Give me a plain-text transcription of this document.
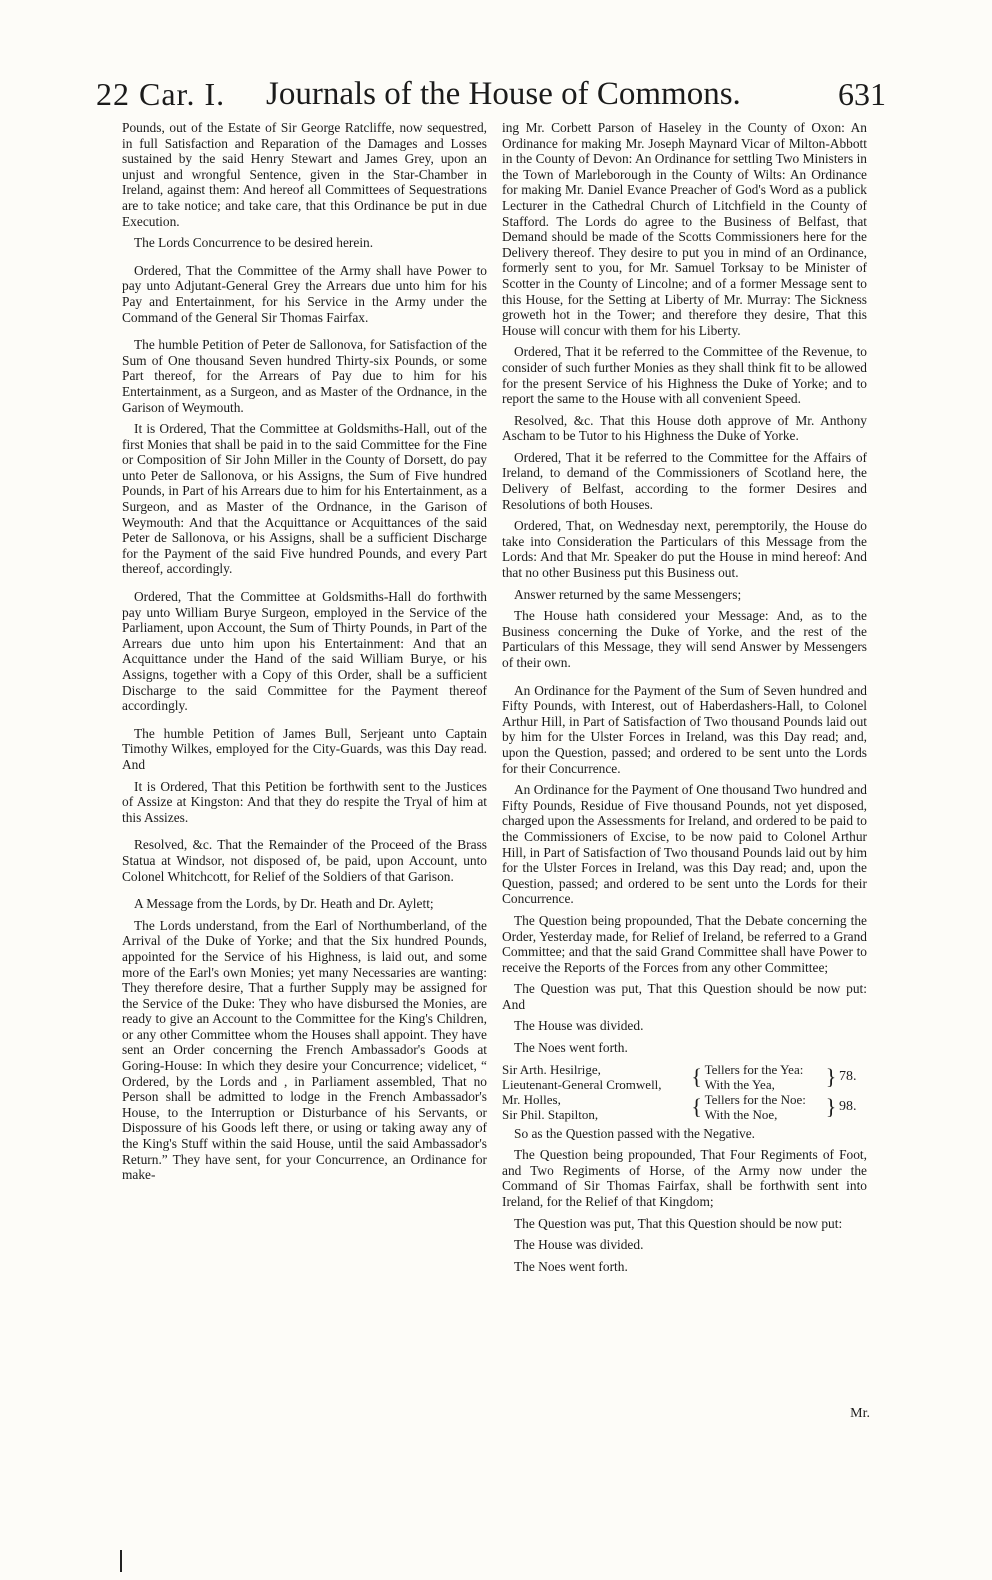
22 Car. I. Journals of the House of Commons.	631

Pounds, out of the Estate of Sir George Ratcliffe, now sequestred, in full Satisfaction and Reparation of the Damages and Losses sustained by the said Henry Stewart and James Grey, upon an unjust and wrongful Sentence, given in the Star-Chamber in Ireland, against them: And hereof all Committees of Sequestrations are to take notice; and take care, that this Ordinance be put in due Execution.

The Lords Concurrence to be desired herein.

Ordered, That the Committee of the Army shall have Power to pay unto Adjutant-General Grey the Arrears due unto him for his Pay and Entertainment, for his Service in the Army under the Command of the General Sir Thomas Fairfax.

The humble Petition of Peter de Sallonova, for Satisfaction of the Sum of One thousand Seven hundred Thirty-six Pounds, or some Part thereof, for the Arrears of Pay due to him for his Entertainment, as a Surgeon, and as Master of the Ordnance, in the Garison of Weymouth.

It is Ordered, That the Committee at Goldsmiths-Hall, out of the first Monies that shall be paid in to the said Committee for the Fine or Composition of Sir John Miller in the County of Dorsett, do pay unto Peter de Sallonova, or his Assigns, the Sum of Five hundred Pounds, in Part of his Arrears due to him for his Entertainment, as a Surgeon, and as Master of the Ordnance, in the Garison of Weymouth: And that the Acquittance or Acquittances of the said Peter de Sallonova, or his Assigns, shall be a sufficient Discharge for the Payment of the said Five hundred Pounds, and every Part thereof, accordingly.

Ordered, That the Committee at Goldsmiths-Hall do forthwith pay unto William Burye Surgeon, employed in the Service of the Parliament, upon Account, the Sum of Thirty Pounds, in Part of the Arrears due unto him upon his Entertainment: And that an Acquittance under the Hand of the said William Burye, or his Assigns, together with a Copy of this Order, shall be a sufficient Discharge to the said Committee for the Payment thereof accordingly.

The humble Petition of James Bull, Serjeant unto Captain Timothy Wilkes, employed for the City-Guards, was this Day read. And

It is Ordered, That this Petition be forthwith sent to the Justices of Assize at Kingston: And that they do respite the Tryal of him at this Assizes.

Resolved, &c. That the Remainder of the Proceed of the Brass Statua at Windsor, not disposed of, be paid, upon Account, unto Colonel Whitchcott, for Relief of the Soldiers of that Garison.

A Message from the Lords, by Dr. Heath and Dr. Aylett;

The Lords understand, from the Earl of Northumberland, of the Arrival of the Duke of Yorke; and that the Six hundred Pounds, appointed for the Service of his Highness, is laid out, and some more of the Earl's own Monies; yet many Necessaries are wanting: They therefore desire, That a further Supply may be assigned for the Service of the Duke: They who have disbursed the Monies, are ready to give an Account to the Committee for the King's Children, or any other Committee whom the Houses shall appoint. They have sent an Order concerning the French Ambassador's Goods at Goring-House: In which they desire your Concurrence; videlicet, “ Ordered, by the Lords and , in Parliament assembled, That no Person shall be admitted to lodge in the French Ambassador's House, to the Interruption or Disturbance of his Servants, or Dispossure of his Goods left there, or using or taking away any of the King's Stuff within the said House, until the said Ambassador's Return.” They have sent, for your Concurrence, an Ordinance for make-

ing Mr. Corbett Parson of Haseley in the County of Oxon: An Ordinance for making Mr. Joseph Maynard Vicar of Milton-Abbott in the County of Devon: An Ordinance for settling Two Ministers in the Town of Marleborough in the County of Wilts: An Ordinance for making Mr. Daniel Evance Preacher of God's Word as a publick Lecturer in the Cathedral Church of Litchfield in the County of Stafford. The Lords do agree to the Business of Belfast, that Demand should be made of the Scotts Commissioners here for the Delivery thereof. They desire to put you in mind of an Ordinance, formerly sent to you, for Mr. Samuel Torksay to be Minister of Scotter in the County of Lincolne; and of a former Message sent to this House, for the Setting at Liberty of Mr. Murray: The Sickness groweth hot in the Tower; and therefore they desire, That this House will concur with them for his Liberty.

Ordered, That it be referred to the Committee of the Revenue, to consider of such further Monies as they shall think fit to be allowed for the present Service of his Highness the Duke of Yorke; and to report the same to the House with all convenient Speed.

Resolved, &c. That this House doth approve of Mr. Anthony Ascham to be Tutor to his Highness the Duke of Yorke.

Ordered, That it be referred to the Committee for the Affairs of Ireland, to demand of the Commissioners of Scotland here, the Delivery of Belfast, according to the former Desires and Resolutions of both Houses.

Ordered, That, on Wednesday next, peremptorily, the House do take into Consideration the Particulars of this Message from the Lords: And that Mr. Speaker do put the House in mind hereof: And that no other Business put this Business out.

Answer returned by the same Messengers;

The House hath considered your Message: And, as to the Business concerning the Duke of Yorke, and the rest of the Particulars of this Message, they will send Answer by Messengers of their own.

An Ordinance for the Payment of the Sum of Seven hundred and Fifty Pounds, with Interest, out of Haberdashers-Hall, to Colonel Arthur Hill, in Part of Satisfaction of Two thousand Pounds laid out by him for the Ulster Forces in Ireland, was this Day read; and, upon the Question, passed; and ordered to be sent unto the Lords for their Concurrence.

An Ordinance for the Payment of One thousand Two hundred and Fifty Pounds, Residue of Five thousand Pounds, not yet disposed, charged upon the Assessments for Ireland, and ordered to be paid to the Commissioners of Excise, to be now paid to Colonel Arthur Hill, in Part of Satisfaction of Two thousand Pounds laid out by him for the Ulster Forces in Ireland, was this Day read; and, upon the Question, passed; and ordered to be sent unto the Lords for their Concurrence.

The Question being propounded, That the Debate concerning the Order, Yesterday made, for Relief of Ireland, be referred to a Grand Committee; and that the said Grand Committee shall have Power to receive the Reports of the Forces from any other Committee;

The Question was put, That this Question should be now put: And

The House was divided.

The Noes went forth.

Sir Arth. Hesilrige,	{	Tellers for the Yea:	}	78.
Lieutenant-General Cromwell,		With the Yea,		
Mr. Holles,	{	Tellers for the Noe:	}	98.
Sir Phil. Stapilton,		With the Noe,		

So as the Question passed with the Negative.

The Question being propounded, That Four Regiments of Foot, and Two Regiments of Horse, of the Army now under the Command of Sir Thomas Fairfax, shall be forthwith sent into Ireland, for the Relief of that Kingdom;

The Question was put, That this Question should be now put:

The House was divided.

The Noes went forth.

Mr.
